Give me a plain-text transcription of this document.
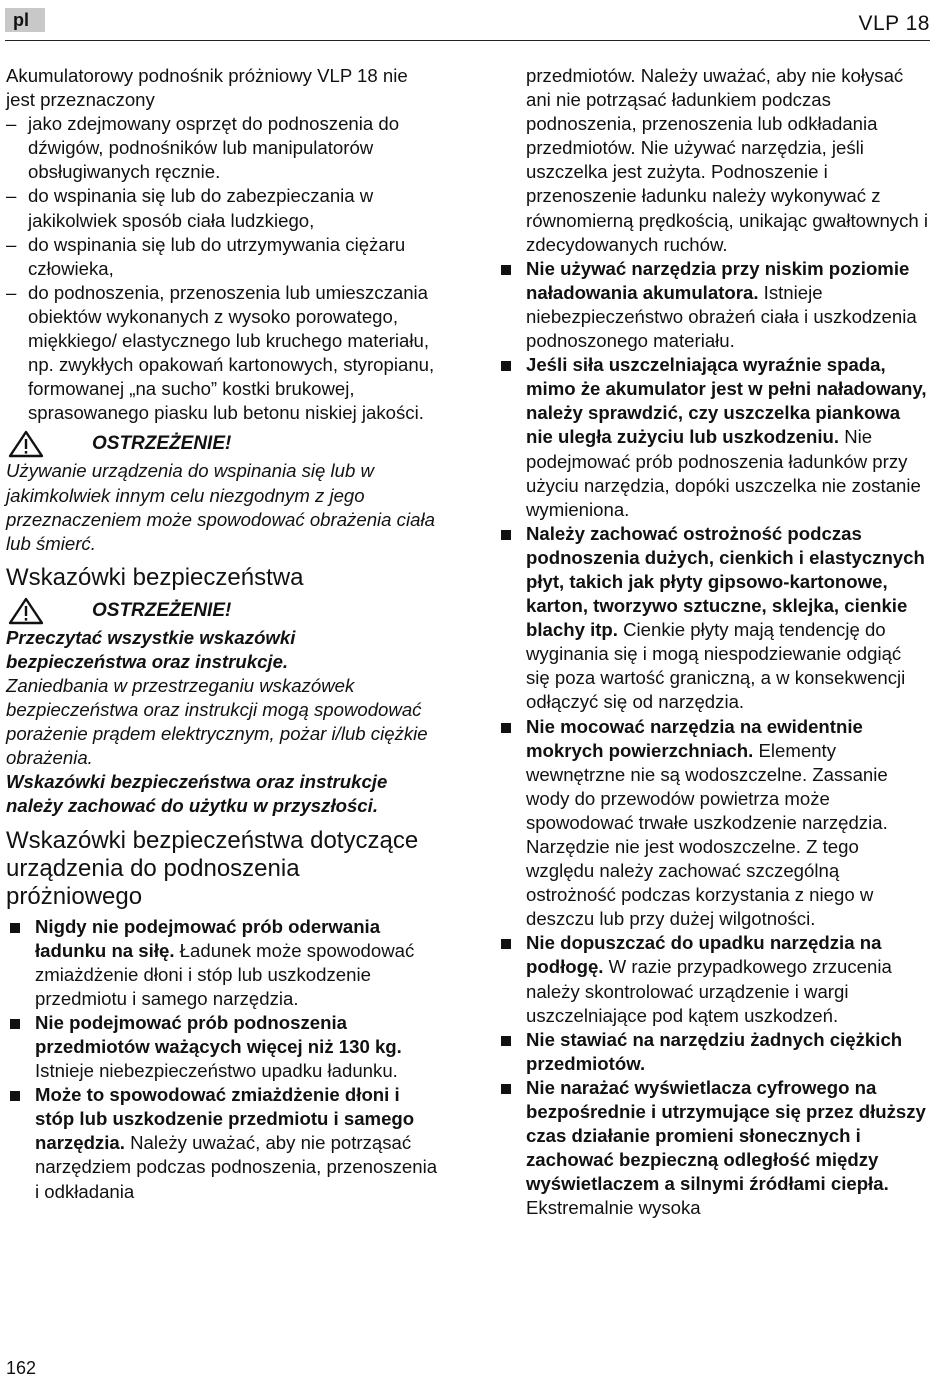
pl	VLP 18

Akumulatorowy podnośnik próżniowy VLP 18 nie jest przeznaczony

– jako zdejmowany osprzęt do podnoszenia do dźwigów, podnośników lub manipulatorów obsługiwanych ręcznie.
– do wspinania się lub do zabezpieczania w jakikolwiek sposób ciała ludzkiego,
– do wspinania się lub do utrzymywania ciężaru człowieka,
– do podnoszenia, przenoszenia lub umieszczania obiektów wykonanych z wysoko porowatego, miękkiego/ elastycznego lub kruchego materiału, np. zwykłych opakowań kartonowych, styropianu, formowanej „na sucho” kostki brukowej, sprasowanego piasku lub betonu niskiej jakości.
OSTRZEŻENIE!

Używanie urządzenia do wspinania się lub w jakimkolwiek innym celu niezgodnym z jego przeznaczeniem może spowodować obrażenia ciała lub śmierć.

Wskazówki bezpieczeństwa
OSTRZEŻENIE!

Przeczytać wszystkie wskazówki bezpieczeństwa oraz instrukcje.

Zaniedbania w przestrzeganiu wskazówek bezpieczeństwa oraz instrukcji mogą spowodować porażenie prądem elektrycznym, pożar i/lub ciężkie obrażenia.

Wskazówki bezpieczeństwa oraz instrukcje należy zachować do użytku w przyszłości.

Wskazówki bezpieczeństwa dotyczące urządzenia do podnoszenia próżniowego
Nigdy nie podejmować prób oderwania ładunku na siłę. Ładunek może spowodować zmiażdżenie dłoni i stóp lub uszkodzenie przedmiotu i samego narzędzia.
Nie podejmować prób podnoszenia przedmiotów ważących więcej niż 130 kg. Istnieje niebezpieczeństwo upadku ładunku.
Może to spowodować zmiażdżenie dłoni i stóp lub uszkodzenie przedmiotu i samego narzędzia. Należy uważać, aby nie potrząsać narzędziem podczas podnoszenia, przenoszenia i odkładania

przedmiotów. Należy uważać, aby nie kołysać ani nie potrząsać ładunkiem podczas podnoszenia, przenoszenia lub odkładania przedmiotów. Nie używać narzędzia, jeśli uszczelka jest zużyta. Podnoszenie i przenoszenie ładunku należy wykonywać z równomierną prędkością, unikając gwałtownych i zdecydowanych ruchów.

Nie używać narzędzia przy niskim poziomie naładowania akumulatora. Istnieje niebezpieczeństwo obrażeń ciała i uszkodzenia podnoszonego materiału.
Jeśli siła uszczelniająca wyraźnie spada, mimo że akumulator jest w pełni naładowany, należy sprawdzić, czy uszczelka piankowa nie uległa zużyciu lub uszkodzeniu. Nie podejmować prób podnoszenia ładunków przy użyciu narzędzia, dopóki uszczelka nie zostanie wymieniona.
Należy zachować ostrożność podczas podnoszenia dużych, cienkich i elastycznych płyt, takich jak płyty gipsowo-kartonowe, karton, tworzywo sztuczne, sklejka, cienkie blachy itp. Cienkie płyty mają tendencję do wyginania się i mogą niespodziewanie odgiąć się poza wartość graniczną, a w konsekwencji odłączyć się od narzędzia.
Nie mocować narzędzia na ewidentnie mokrych powierzchniach. Elementy wewnętrzne nie są wodoszczelne. Zassanie wody do przewodów powietrza może spowodować trwałe uszkodzenie narzędzia. Narzędzie nie jest wodoszczelne. Z tego względu należy zachować szczególną ostrożność podczas korzystania z niego w deszczu lub przy dużej wilgotności.
Nie dopuszczać do upadku narzędzia na podłogę. W razie przypadkowego zrzucenia należy skontrolować urządzenie i wargi uszczelniające pod kątem uszkodzeń.
Nie stawiać na narzędziu żadnych ciężkich przedmiotów.
Nie narażać wyświetlacza cyfrowego na bezpośrednie i utrzymujące się przez dłuższy czas działanie promieni słonecznych i zachować bezpieczną odległość między wyświetlaczem a silnymi źródłami ciepła. Ekstremalnie wysoka
162
